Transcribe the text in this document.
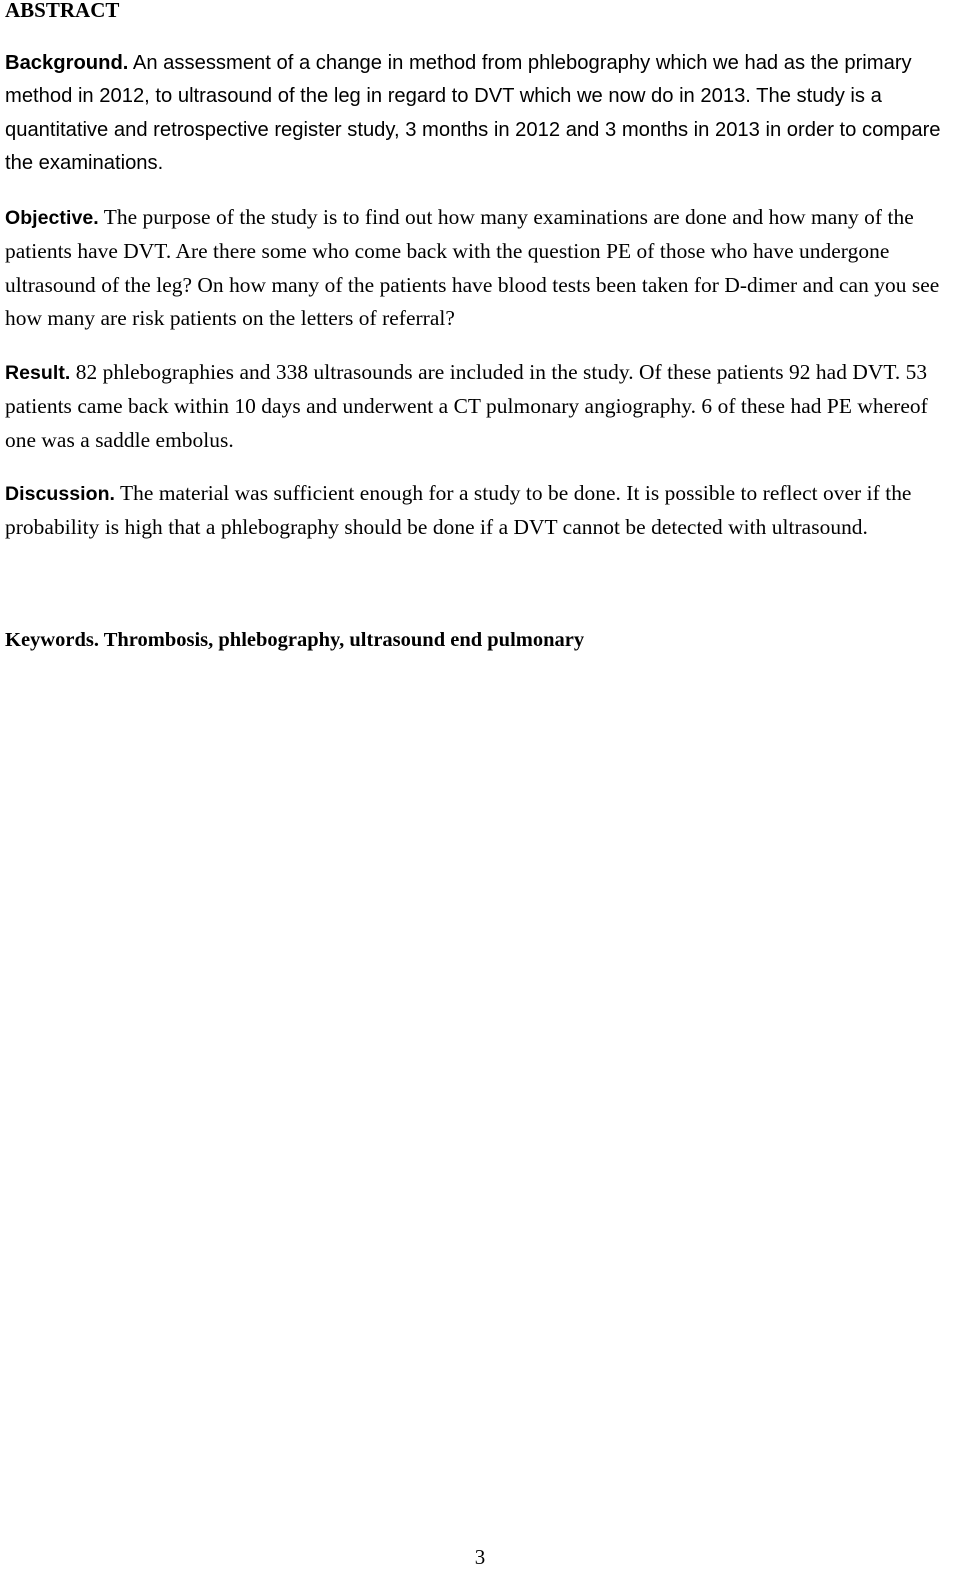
ABSTRACT

Background. An assessment of a change in method from phlebography which we had as the primary method in 2012, to ultrasound of the leg in regard to DVT which we now do in 2013. The study is a quantitative and retrospective register study, 3 months in 2012 and 3 months in 2013 in order to compare the examinations.

Objective. The purpose of the study is to find out how many examinations are done and how many of the patients have DVT. Are there some who come back with the question PE of those who have undergone ultrasound of the leg? On how many of the patients have blood tests been taken for D-dimer and can you see how many are risk patients on the letters of referral?

Result. 82 phlebographies and 338 ultrasounds are included in the study. Of these patients 92 had DVT. 53 patients came back within 10 days and underwent a CT pulmonary angiography. 6 of these had PE whereof one was a saddle embolus.

Discussion. The material was sufficient enough for a study to be done. It is possible to reflect over if the probability is high that a phlebography should be done if a DVT cannot be detected with ultrasound.

Keywords. Thrombosis, phlebography, ultrasound end pulmonary

3
